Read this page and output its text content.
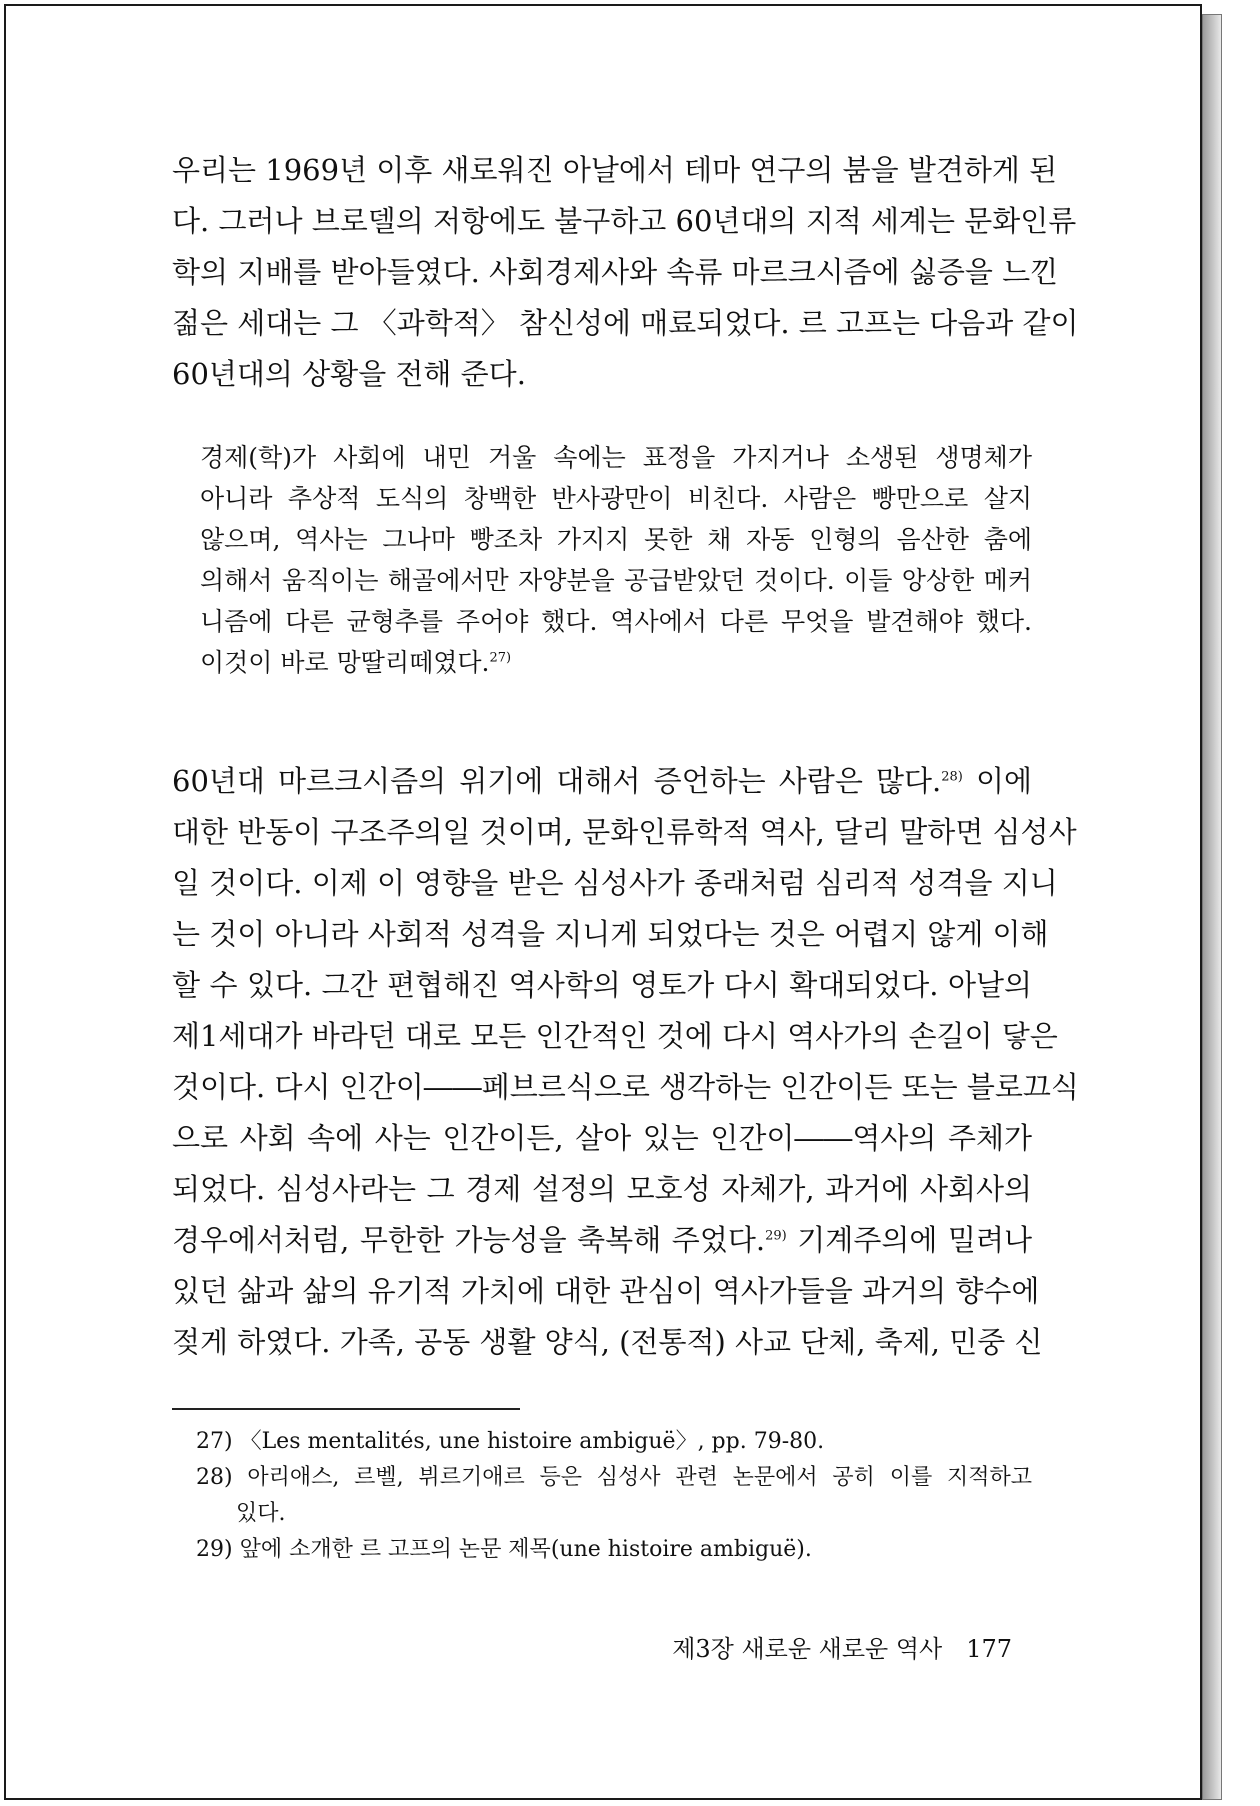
우리는 1969년 이후 새로워진 아날에서 테마 연구의 붐을 발견하게 된
다. 그러나 브로델의 저항에도 불구하고 60년대의 지적 세계는 문화인류
학의 지배를 받아들였다. 사회경제사와 속류 마르크시즘에 싫증을 느낀
젊은 세대는 그 〈과학적〉 참신성에 매료되었다. 르 고프는 다음과 같이
60년대의 상황을 전해 준다.
경제(학)가 사회에 내민 거울 속에는 표정을 가지거나 소생된 생명체가
아니라 추상적 도식의 창백한 반사광만이 비친다. 사람은 빵만으로 살지
않으며, 역사는 그나마 빵조차 가지지 못한 채 자동 인형의 음산한 춤에
의해서 움직이는 해골에서만 자양분을 공급받았던 것이다. 이들 앙상한 메커
니즘에 다른 균형추를 주어야 했다. 역사에서 다른 무엇을 발견해야 했다.
이것이 바로 망딸리떼였다.$^{27)}$
60년대 마르크시즘의 위기에 대해서 증언하는 사람은 많다.$^{28)}$ 이에
대한 반동이 구조주의일 것이며, 문화인류학적 역사, 달리 말하면 심성사
일 것이다. 이제 이 영향을 받은 심성사가 종래처럼 심리적 성격을 지니
는 것이 아니라 사회적 성격을 지니게 되었다는 것은 어렵지 않게 이해
할 수 있다. 그간 편협해진 역사학의 영토가 다시 확대되었다. 아날의
제1세대가 바라던 대로 모든 인간적인 것에 다시 역사가의 손길이 닿은
것이다. 다시 인간이――페브르식으로 생각하는 인간이든 또는 블로끄식
으로 사회 속에 사는 인간이든, 살아 있는 인간이――역사의 주체가
되었다. 심성사라는 그 경제 설정의 모호성 자체가, 과거에 사회사의
경우에서처럼, 무한한 가능성을 축복해 주었다.$^{29)}$ 기계주의에 밀려나
있던 삶과 삶의 유기적 가치에 대한 관심이 역사가들을 과거의 향수에
젖게 하였다. 가족, 공동 생활 양식, (전통적) 사교 단체, 축제, 민중 신
27) 〈Les mentalités, une histoire ambiguë〉, pp. 79-80.
28) 아리애스, 르벨, 뷔르기애르 등은 심성사 관련 논문에서 공히 이를 지적하고
있다.
29) 앞에 소개한 르 고프의 논문 제목(une histoire ambiguë).
제3장 새로운 새로운 역사 177
